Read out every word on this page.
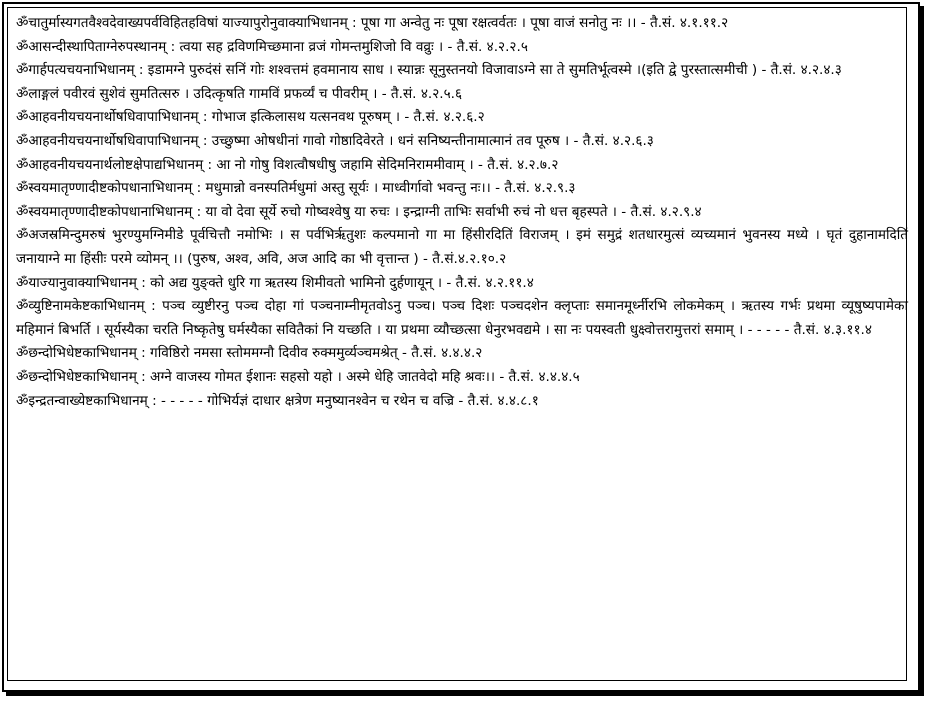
ॐचातुर्मास्यगतवैश्वदेवाख्यपर्वविहितहविषां याज्यापुरोनुवाक्याभिधानम् : पूषा गा अन्वेतु नः पूषा रक्षत्वर्वतः । पूषा वाजं सनोतु नः ।। - तै.सं. ४.१.११.२

ॐआसन्दीस्थापिताग्नेरुपस्थानम् : त्वया सह द्रविणमिच्छमाना व्रजं गोमन्तमुशिजो वि वव्रुः । - तै.सं. ४.२.२.५

ॐगार्हपत्यचयनाभिधानम् : इडामग्ने पुरुदंसं सनिं गोः शश्वत्तमं हवमानाय साध । स्यान्नः सूनुस्तनयो विजावाऽग्ने सा ते सुमतिर्भूत्वस्मे ।(इति द्वे पुरस्तात्समीची ) - तै.सं. ४.२.४.३

ॐलाङ्गलं पवीरवं सुशेवं सुमतित्सरु । उदित्कृषति गामविं प्रफर्व्यं च पीवरीम् । - तै.सं. ४.२.५.६

ॐआहवनीयचयनार्थोषधिवापाभिधानम् : गोभाज इत्किलासथ यत्सनवथ पूरुषम् । - तै.सं. ४.२.६.२

ॐआहवनीयचयनार्थोषधिवापाभिधानम् : उच्छुष्मा ओषधीनां गावो गोष्ठादिवेरते । धनं सनिष्यन्तीनामात्मानं तव पूरुष । - तै.सं. ४.२.६.३

ॐआहवनीयचयनार्थलोष्टक्षेपाद्यभिधानम् : आ नो गोषु विशत्वौषधीषु जहामि सेदिमनिराममीवाम् । - तै.सं. ४.२.७.२

ॐस्वयमातृण्णादीष्टकोपधानाभिधानम् : मधुमान्नो वनस्पतिर्मधुमां अस्तु सूर्यः । माध्वीर्गावो भवन्तु नः।। - तै.सं. ४.२.९.३

ॐस्वयमातृण्णादीष्टकोपधानाभिधानम् : या वो देवा सूर्ये रुचो गोष्वश्वेषु या रुचः । इन्द्राग्नी ताभिः सर्वाभी रुचं नो धत्त बृहस्पते । - तै.सं. ४.२.९.४

ॐअजस्रमिन्दुमरुषं भुरण्युमग्निमीडे पूर्वचित्तौ नमोभिः । स पर्वभिर्ऋतुशः कल्पमानो गा मा हिंसीरदितिं विराजम् । इमं समुद्रं शतधारमुत्सं व्यच्यमानं भुवनस्य मध्ये । घृतं दुहानामदितिं जनायाग्ने मा हिंसीः परमे व्योमन् ।। (पुरुष, अश्व, अवि, अज आदि का भी वृत्तान्त ) - तै.सं.४.२.१०.२

ॐयाज्यानुवाक्याभिधानम् : को अद्य युङ्क्ते धुरि गा ऋतस्य शिमीवतो भामिनो दुर्हणायून् । - तै.सं. ४.२.११.४

ॐव्युष्टिनामकेष्टकाभिधानम् : पञ्च व्युष्टीरनु पञ्च दोहा गां पञ्चनाम्नीमृतवोऽनु पञ्च। पञ्च दिशः पञ्चदशेन क्लृप्ताः समानमूर्ध्नीरभि लोकमेकम् । ऋतस्य गर्भः प्रथमा व्यूषुष्यपामेका महिमानं बिभर्ति । सूर्यस्यैका चरति निष्कृतेषु घर्मस्यैका सवितैकां नि यच्छति । या प्रथमा व्यौच्छत्सा धेनुरभवद्यमे । सा नः पयस्वती धुक्ष्वोत्तरामुत्तरां समाम् । - - - - - तै.सं. ४.३.११.४

ॐछन्दोभिधेष्टकाभिधानम् : गविष्ठिरो नमसा स्तोममग्नौ दिवीव रुक्ममुर्व्यञ्चमश्रेत् - तै.सं. ४.४.४.२

ॐछन्दोभिधेष्टकाभिधानम् : अग्ने वाजस्य गोमत ईशानः सहसो यहो । अस्मे धेहि जातवेदो महि श्रवः।। - तै.सं. ४.४.४.५

ॐइन्द्रतन्वाख्येष्टकाभिधानम् : - - - - - गोभिर्यज्ञं दाधार क्षत्रेण मनुष्यानश्वेन च रथेन च वज्रि - तै.सं. ४.४.८.१
